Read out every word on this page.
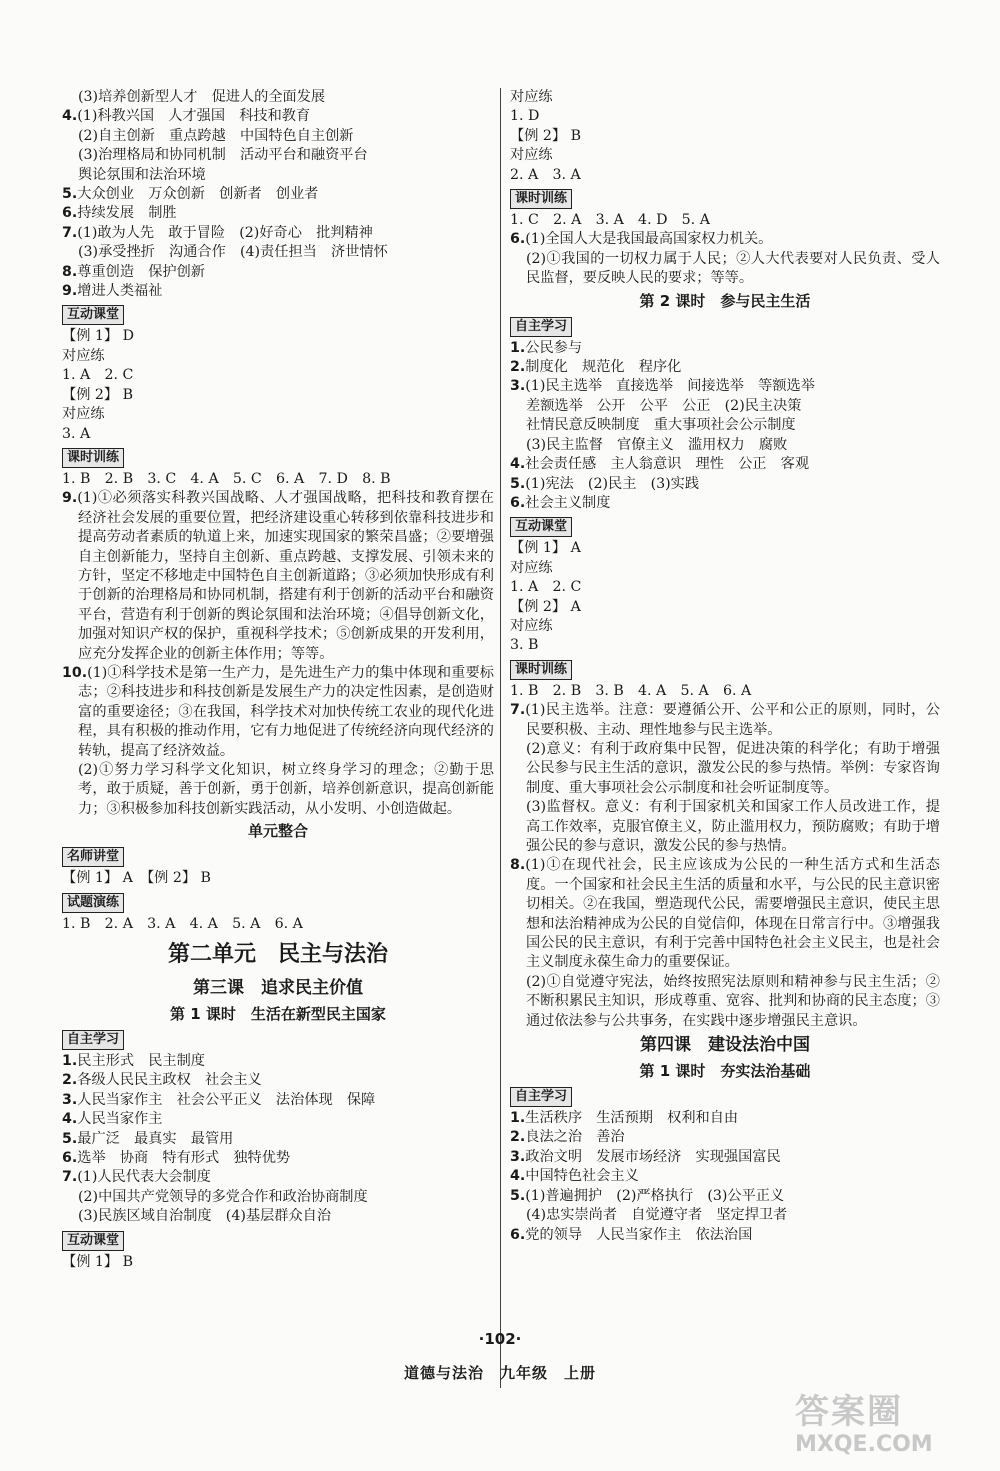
(3)培养创新型人才　促进人的全面发展
4.(1)科教兴国　人才强国　科技和教育
(2)自主创新　重点跨越　中国特色自主创新
(3)治理格局和协同机制　活动平台和融资平台
舆论氛围和法治环境
5.大众创业　万众创新　创新者　创业者
6.持续发展　制胜
7.(1)敢为人先　敢于冒险　(2)好奇心　批判精神
(3)承受挫折　沟通合作　(4)责任担当　济世情怀
8.尊重创造　保护创新
9.增进人类福祉
互动课堂
【例 1】 D
对应练
1. A　2. C
【例 2】 B
对应练
3. A
课时训练
1. B　2. B　3. C　4. A　5. C　6. A　7. D　8. B
9.(1)①必须落实科教兴国战略、人才强国战略，把科技和教育摆在经济社会发展的重要位置，把经济建设重心转移到依靠科技进步和提高劳动者素质的轨道上来，加速实现国家的繁荣昌盛；②要增强自主创新能力，坚持自主创新、重点跨越、支撑发展、引领未来的方针，坚定不移地走中国特色自主创新道路；③必须加快形成有利于创新的治理格局和协同机制，搭建有利于创新的活动平台和融资平台，营造有利于创新的舆论氛围和法治环境；④倡导创新文化，加强对知识产权的保护，重视科学技术；⑤创新成果的开发利用，应充分发挥企业的创新主体作用；等等。
10.(1)①科学技术是第一生产力，是先进生产力的集中体现和重要标志；②科技进步和科技创新是发展生产力的决定性因素，是创造财富的重要途径；③在我国，科学技术对加快传统工农业的现代化进程，具有积极的推动作用，它有力地促进了传统经济向现代经济的转轨，提高了经济效益。
(2)①努力学习科学文化知识，树立终身学习的理念；②勤于思考，敢于质疑，善于创新，勇于创新，培养创新意识，提高创新能力；③积极参加科技创新实践活动，从小发明、小创造做起。
单元整合
名师讲堂
【例 1】 A　【例 2】 B
试题演练
1. B　2. A　3. A　4. A　5. A　6. A
第二单元　民主与法治
第三课　追求民主价值
第 1 课时　生活在新型民主国家
自主学习
1.民主形式　民主制度
2.各级人民民主政权　社会主义
3.人民当家作主　社会公平正义　法治体现　保障
4.人民当家作主
5.最广泛　最真实　最管用
6.选举　协商　特有形式　独特优势
7.(1)人民代表大会制度
(2)中国共产党领导的多党合作和政治协商制度
(3)民族区域自治制度　(4)基层群众自治
互动课堂
【例 1】 B
对应练
1. D
【例 2】 B
对应练
2. A　3. A
课时训练
1. C　2. A　3. A　4. D　5. A
6.(1)全国人大是我国最高国家权力机关。
(2)①我国的一切权力属于人民；②人大代表要对人民负责、受人民监督，要反映人民的要求；等等。
第 2 课时　参与民主生活
自主学习
1.公民参与
2.制度化　规范化　程序化
3.(1)民主选举　直接选举　间接选举　等额选举
差额选举　公开　公平　公正　(2)民主决策
社情民意反映制度　重大事项社会公示制度
(3)民主监督　官僚主义　滥用权力　腐败
4.社会责任感　主人翁意识　理性　公正　客观
5.(1)宪法　(2)民主　(3)实践
6.社会主义制度
互动课堂
【例 1】 A
对应练
1. A　2. C
【例 2】 A
对应练
3. B
课时训练
1. B　2. B　3. B　4. A　5. A　6. A
7.(1)民主选举。注意：要遵循公开、公平和公正的原则，同时，公民要积极、主动、理性地参与民主选举。
(2)意义：有利于政府集中民智，促进决策的科学化；有助于增强公民参与民主生活的意识，激发公民的参与热情。举例：专家咨询制度、重大事项社会公示制度和社会听证制度等。
(3)监督权。意义：有利于国家机关和国家工作人员改进工作，提高工作效率，克服官僚主义，防止滥用权力，预防腐败；有助于增强公民的参与意识，激发公民的参与热情。
8.(1)①在现代社会，民主应该成为公民的一种生活方式和生活态度。一个国家和社会民主生活的质量和水平，与公民的民主意识密切相关。②在我国，塑造现代公民，需要增强民主意识，使民主思想和法治精神成为公民的自觉信仰，体现在日常言行中。③增强我国公民的民主意识，有利于完善中国特色社会主义民主，也是社会主义制度永葆生命力的重要保证。
(2)①自觉遵守宪法，始终按照宪法原则和精神参与民主生活；②不断积累民主知识，形成尊重、宽容、批判和协商的民主态度；③通过依法参与公共事务，在实践中逐步增强民主意识。
第四课　建设法治中国
第 1 课时　夯实法治基础
自主学习
1.生活秩序　生活预期　权利和自由
2.良法之治　善治
3.政治文明　发展市场经济　实现强国富民
4.中国特色社会主义
5.(1)普遍拥护　(2)严格执行　(3)公平正义
(4)忠实崇尚者　自觉遵守者　坚定捍卫者
6.党的领导　人民当家作主　依法治国
·102·
道德与法治　九年级　上册
答案圈
MXQE.COM
